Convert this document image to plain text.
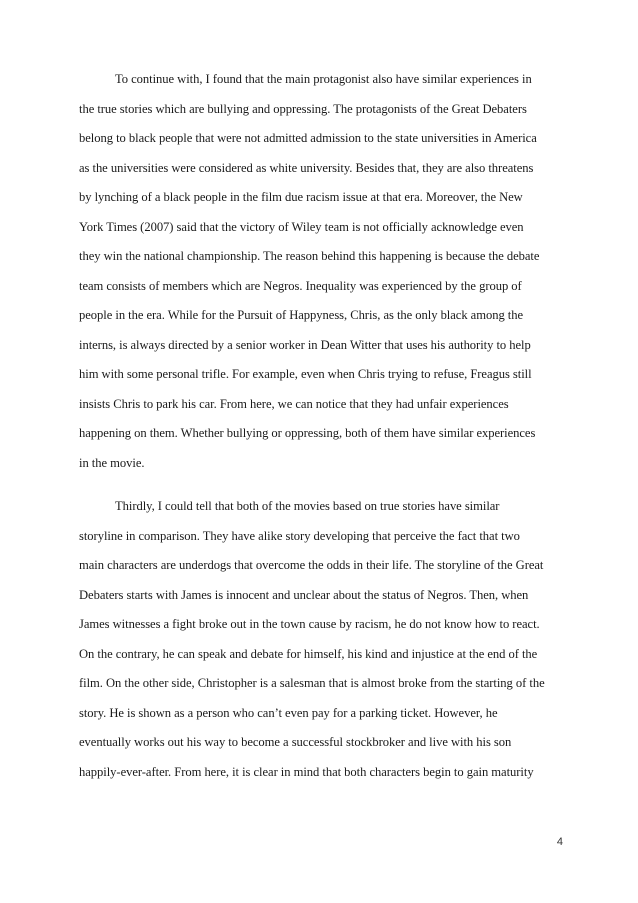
To continue with, I found that the main protagonist also have similar experiences in
the true stories which are bullying and oppressing. The protagonists of the Great Debaters
belong to black people that were not admitted admission to the state universities in America
as the universities were considered as white university. Besides that, they are also threatens
by lynching of a black people in the film due racism issue at that era. Moreover, the New
York Times (2007) said that the victory of Wiley team is not officially acknowledge even
they win the national championship. The reason behind this happening is because the debate
team consists of members which are Negros. Inequality was experienced by the group of
people in the era. While for the Pursuit of Happyness, Chris, as the only black among the
interns, is always directed by a senior worker in Dean Witter that uses his authority to help
him with some personal trifle. For example, even when Chris trying to refuse, Freagus still
insists Chris to park his car. From here, we can notice that they had unfair experiences
happening on them. Whether bullying or oppressing, both of them have similar experiences
in the movie.
Thirdly, I could tell that both of the movies based on true stories have similar
storyline in comparison. They have alike story developing that perceive the fact that two
main characters are underdogs that overcome the odds in their life. The storyline of the Great
Debaters starts with James is innocent and unclear about the status of Negros. Then, when
James witnesses a fight broke out in the town cause by racism, he do not know how to react.
On the contrary, he can speak and debate for himself, his kind and injustice at the end of the
film. On the other side, Christopher is a salesman that is almost broke from the starting of the
story. He is shown as a person who can’t even pay for a parking ticket. However, he
eventually works out his way to become a successful stockbroker and live with his son
happily-ever-after. From here, it is clear in mind that both characters begin to gain maturity
4
